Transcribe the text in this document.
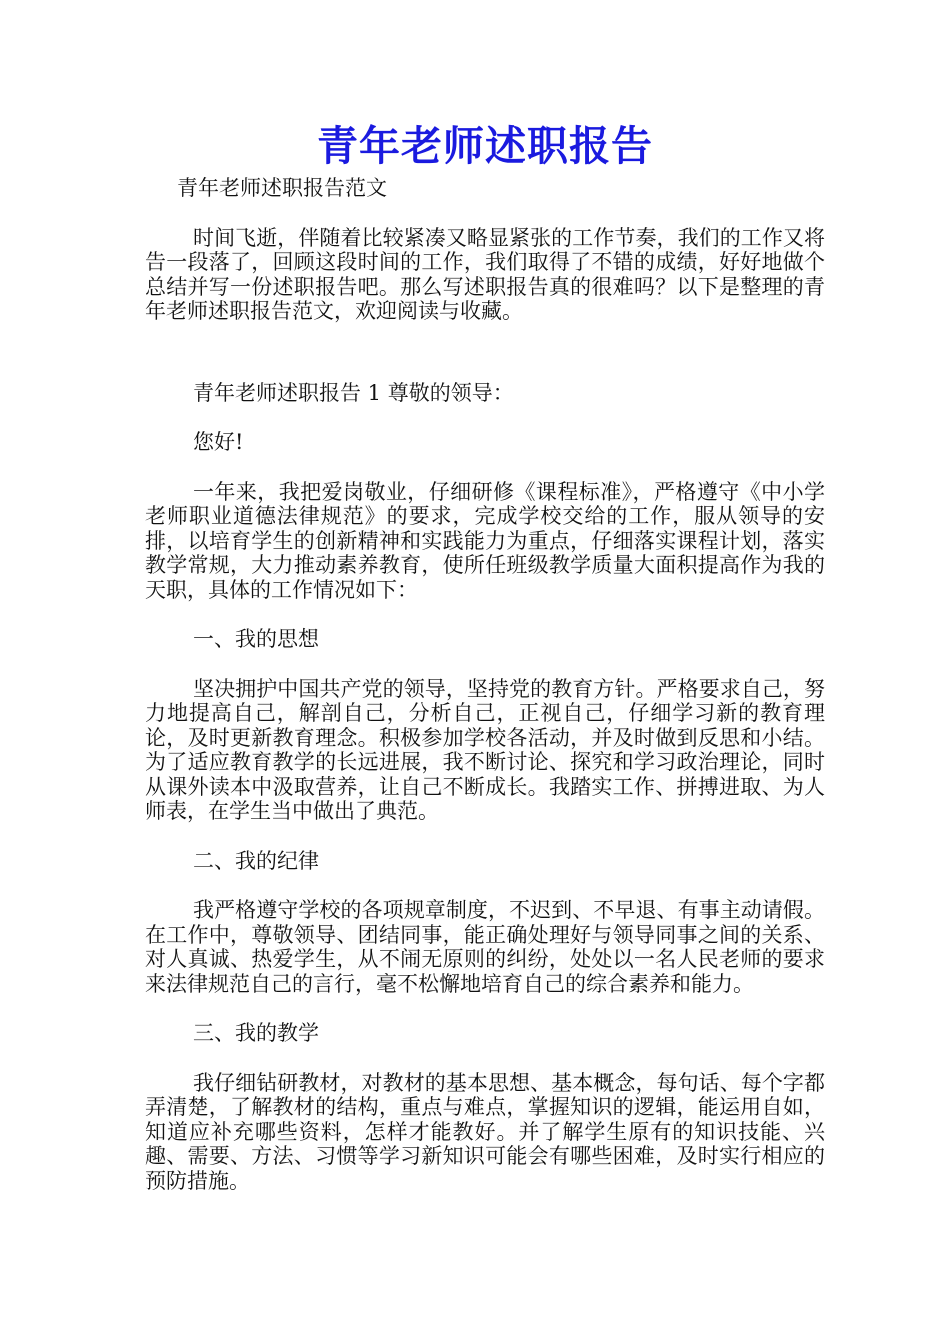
青年老师述职报告

青年老师述职报告范文

时间飞逝，伴随着比较紧凑又略显紧张的工作节奏，我们的工作又将告一段落了，回顾这段时间的工作，我们取得了不错的成绩，好好地做个总结并写一份述职报告吧。那么写述职报告真的很难吗？以下是整理的青年老师述职报告范文，欢迎阅读与收藏。

青年老师述职报告 1 尊敬的领导：

您好!

一年来，我把爱岗敬业，仔细研修《课程标准》，严格遵守《中小学老师职业道德法律规范》的要求，完成学校交给的工作，服从领导的安排，以培育学生的创新精神和实践能力为重点，仔细落实课程计划，落实教学常规，大力推动素养教育，使所任班级教学质量大面积提高作为我的天职，具体的工作情况如下：

一、我的思想

坚决拥护中国共产党的领导，坚持党的教育方针。严格要求自己，努力地提高自己，解剖自己，分析自己，正视自己，仔细学习新的教育理论，及时更新教育理念。积极参加学校各活动，并及时做到反思和小结。为了适应教育教学的长远进展，我不断讨论、探究和学习政治理论，同时从课外读本中汲取营养，让自己不断成长。我踏实工作、拼搏进取、为人师表，在学生当中做出了典范。

二、我的纪律

我严格遵守学校的各项规章制度，不迟到、不早退、有事主动请假。在工作中，尊敬领导、团结同事，能正确处理好与领导同事之间的关系、对人真诚、热爱学生，从不闹无原则的纠纷，处处以一名人民老师的要求来法律规范自己的言行，毫不松懈地培育自己的综合素养和能力。

三、我的教学

我仔细钻研教材，对教材的基本思想、基本概念，每句话、每个字都弄清楚，了解教材的结构，重点与难点，掌握知识的逻辑，能运用自如，知道应补充哪些资料，怎样才能教好。并了解学生原有的知识技能、兴趣、需要、方法、习惯等学习新知识可能会有哪些困难，及时实行相应的预防措施。
